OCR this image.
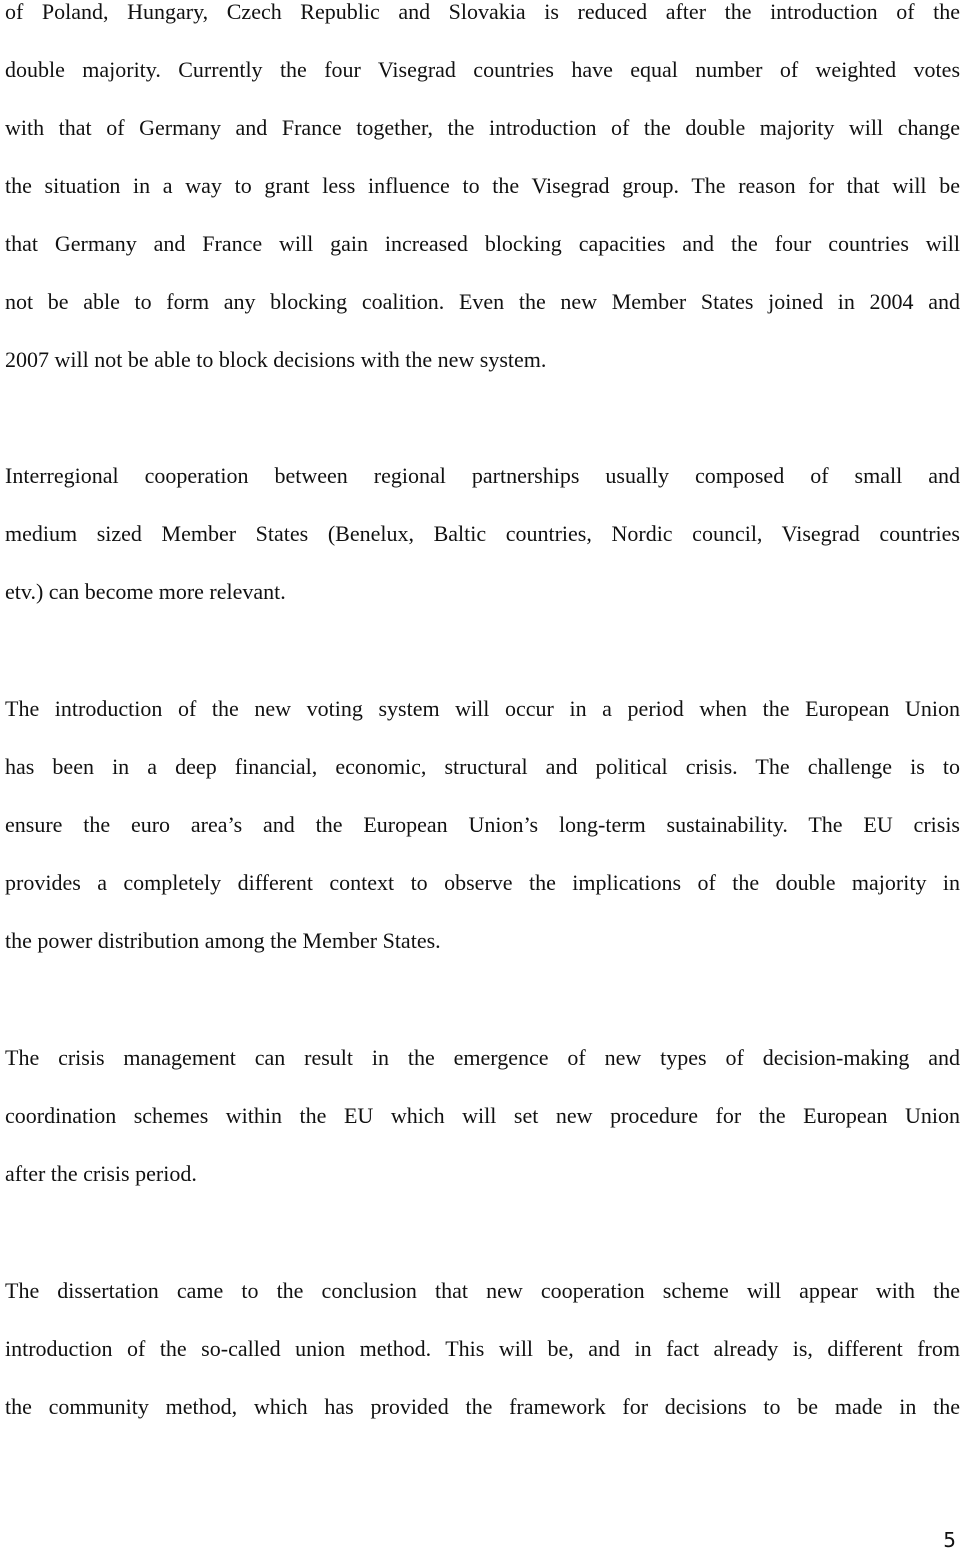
of Poland, Hungary, Czech Republic and Slovakia is reduced after the introduction of the
double majority. Currently the four Visegrad countries have equal number of weighted votes
with that of Germany and France together, the introduction of the double majority will change
the situation in a way to grant less influence to the Visegrad group. The reason for that will be
that Germany and France will gain increased blocking capacities and the four countries will
not be able to form any blocking coalition. Even the new Member States joined in 2004 and
2007 will not be able to block decisions with the new system.
Interregional cooperation between regional partnerships usually composed of small and
medium sized Member States (Benelux, Baltic countries, Nordic council, Visegrad countries
etv.) can become more relevant.
The introduction of the new voting system will occur in a period when the European Union
has been in a deep financial, economic, structural and political crisis. The challenge is to
ensure the euro area’s and the European Union’s long-term sustainability. The EU crisis
provides a completely different context to observe the implications of the double majority in
the power distribution among the Member States.
The crisis management can result in the emergence of new types of decision-making and
coordination schemes within the EU which will set new procedure for the European Union
after the crisis period.
The dissertation came to the conclusion that new cooperation scheme will appear with the
introduction of the so-called union method. This will be, and in fact already is, different from
the community method, which has provided the framework for decisions to be made in the
5
